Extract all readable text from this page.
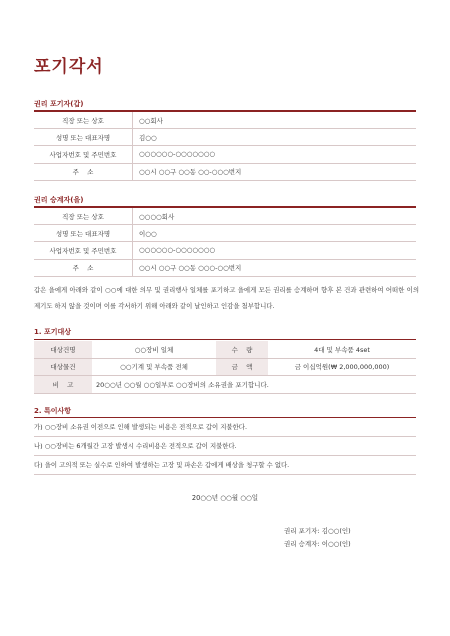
포기각서
권리 포기자(갑)
직장 또는 상호	○○회사
성명 또는 대표자명	김○○
사업자번호 및 주민번호	○○○○○○-○○○○○○○
주    소	○○시 ○○구 ○○동 ○○-○○○번지
권리 승계자(을)
직장 또는 상호	○○○○회사
성명 또는 대표자명	이○○
사업자번호 및 주민번호	○○○○○○-○○○○○○○
주    소	○○시 ○○구 ○○동 ○○○-○○번지
갑은 을에게 아래와 같이 ○○에 대한 의무 및 권리행사 일체를 포기하고 을에게 모든 권리를 승계하며 향후 본 건과 관련하여 어떠한 이의제기도 하지 않을 것이며 이를 각서하기 위해 아래와 같이 날인하고 인감을 첨부합니다.
1. 포기대상
대상건명	○○장비 일체	수    량	4대 및 부속품 4set
대상물건	○○기계 및 부속품 전체	금    액	금 이십억원(₩ 2,000,000,000)
비    고	20○○년 ○○월 ○○일부로 ○○장비의 소유권을 포기합니다.		
2. 특이사항
가) ○○장비 소유권 이전으로 인해 발생되는 비용은 전적으로 갑이 지불한다.
나) ○○장비는 6개월간 고장 발생시 수리비용은 전적으로 갑이 지불한다.
다) 을이 고의적 또는 실수로 인하여 발생하는 고장 및 파손은 갑에게 배상을 청구할 수 없다.
20○○년 ○○월 ○○일
권리 포기자: 김○○(인)
권리 승계자: 이○○(인)
